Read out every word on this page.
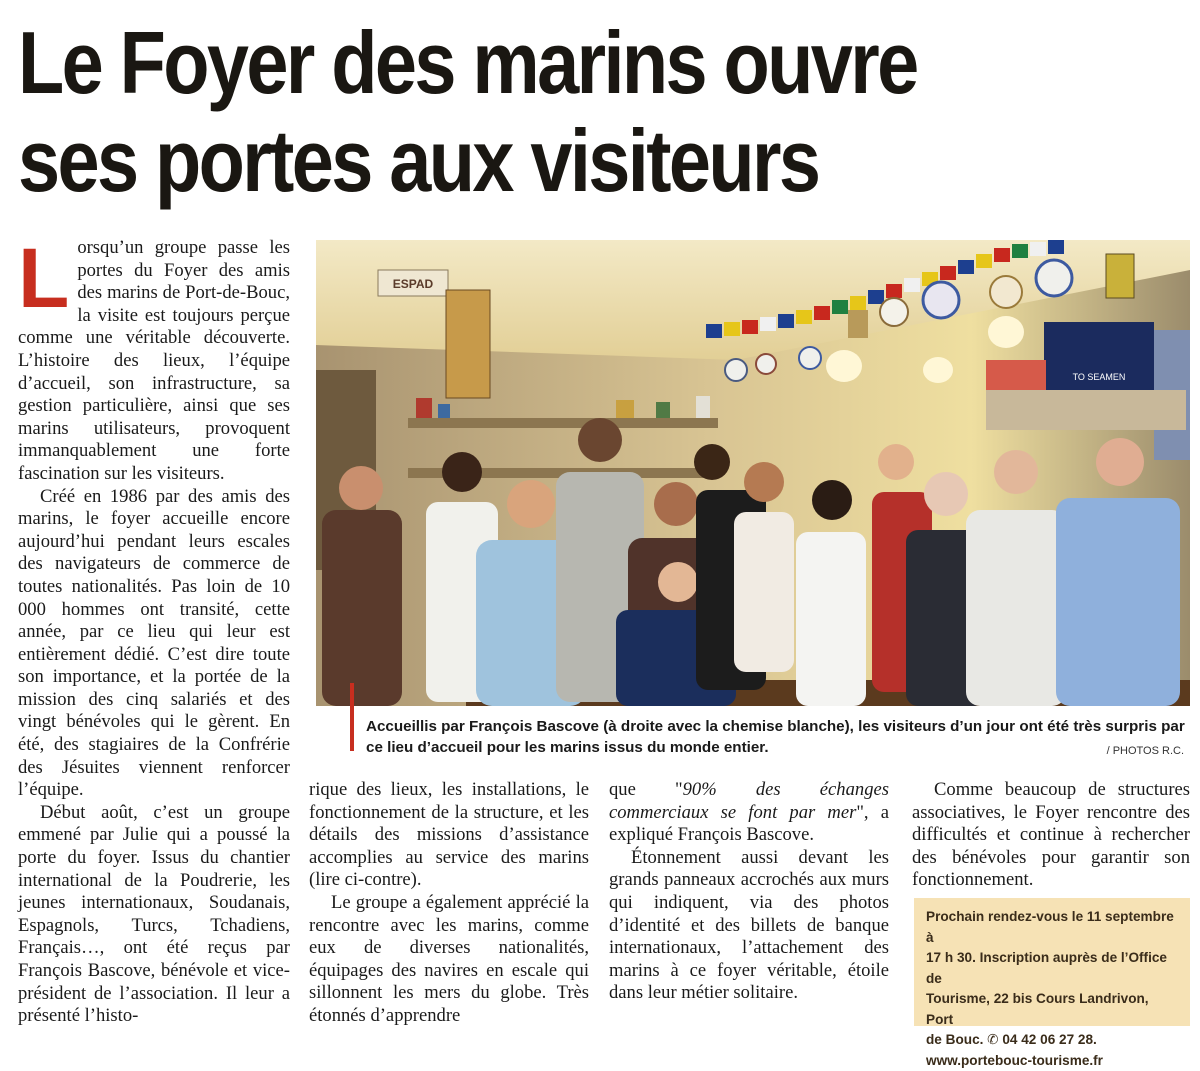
Le Foyer des marins ouvre
ses portes aux visiteurs

Lorsqu’un groupe passe les portes du Foyer des amis des marins de Port-de-Bouc, la visite est toujours perçue comme une véritable découverte. L’histoire des lieux, l’équipe d’accueil, son infrastructure, sa gestion particulière, ainsi que ses marins utilisateurs, provoquent immanquablement une forte fascination sur les visiteurs.

Créé en 1986 par des amis des marins, le foyer accueille encore aujourd’hui pendant leurs escales des navigateurs de commerce de toutes nationalités. Pas loin de 10 000 hommes ont transité, cette année, par ce lieu qui leur est entièrement dédié. C’est dire toute son importance, et la portée de la mission des cinq salariés et des vingt bénévoles qui le gèrent. En été, des stagiaires de la Confrérie des Jésuites viennent renforcer l’équipe.

Début août, c’est un groupe emmené par Julie qui a poussé la porte du foyer. Issus du chantier international de la Poudrerie, les jeunes internationaux, Soudanais, Espagnols, Turcs, Tchadiens, Français…, ont été reçus par François Bascove, bénévole et vice-président de l’association. Il leur a présenté l’histo-

ESPAD
TO SEAMEN

Accueillis par François Bascove (à droite avec la chemise blanche), les visiteurs d’un jour ont été très surpris par ce lieu d’accueil pour les marins issus du monde entier.	/ PHOTOS R.C.

rique des lieux, les installations, le fonctionnement de la structure, et les détails des missions d’assistance accomplies au service des marins (lire ci-contre).

Le groupe a également apprécié la rencontre avec les marins, comme eux de diverses nationalités, équipages des navires en escale qui sillonnent les mers du globe. Très étonnés d’apprendre

que "90% des échanges commerciaux se font par mer", a expliqué François Bascove.

Étonnement aussi devant les grands panneaux accrochés aux murs qui indiquent, via des photos d’identité et des billets de banque internationaux, l’attachement des marins à ce foyer véritable, étoile dans leur métier solitaire.

Comme beaucoup de structures associatives, le Foyer rencontre des difficultés et continue à rechercher des bénévoles pour garantir son fonctionnement.

Prochain rendez-vous le 11 septembre à
17 h 30. Inscription auprès de l’Office de
Tourisme, 22 bis Cours Landrivon, Port
de Bouc. ✆ 04 42 06 27 28.
www.portebouc-tourisme.fr
